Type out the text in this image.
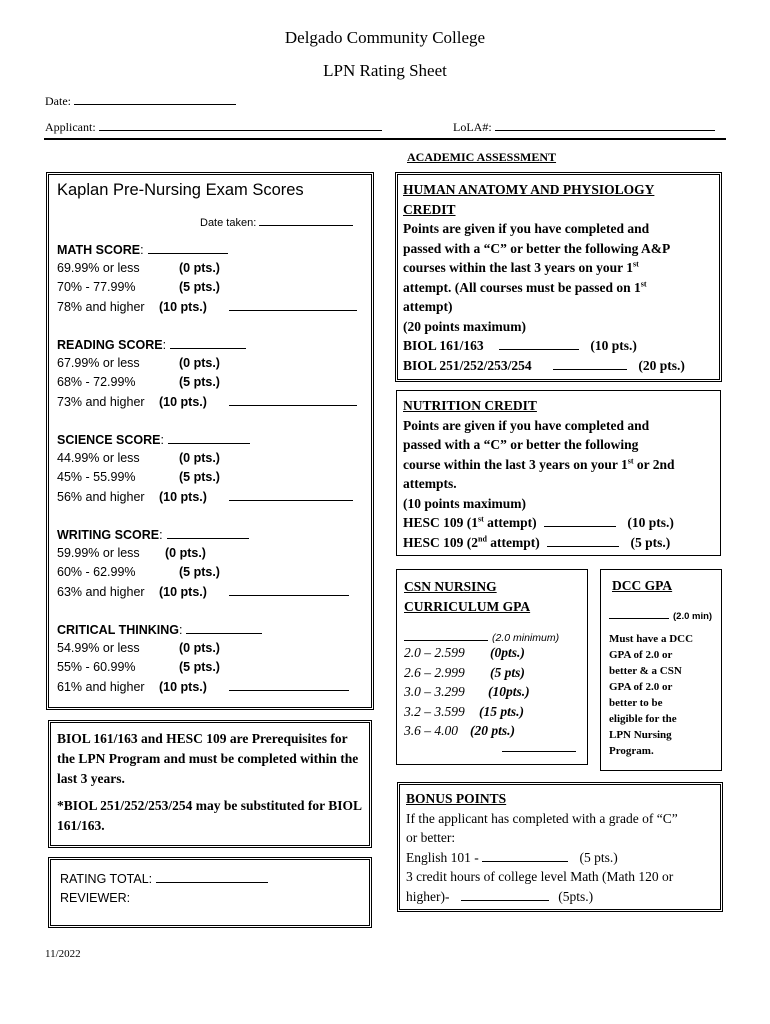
Delgado Community College
LPN Rating Sheet
Date:
Applicant:	LoLA#:
ACADEMIC ASSESSMENT
Kaplan Pre-Nursing Exam Scores
Date taken:
MATH SCORE:
69.99% or less	(0 pts.)
70% - 77.99%	(5 pts.)
78% and higher (10 pts.)
READING SCORE:
67.99% or less	(0 pts.)
68% - 72.99%	(5 pts.)
73% and higher (10 pts.)
SCIENCE SCORE:
44.99% or less	(0 pts.)
45% - 55.99%	(5 pts.)
56% and higher (10 pts.)
WRITING SCORE:
59.99% or less (0 pts.)
60% - 62.99%	(5 pts.)
63% and higher (10 pts.)
CRITICAL THINKING:
54.99% or less	(0 pts.)
55% - 60.99%	(5 pts.)
61% and higher (10 pts.)
BIOL 161/163 and HESC 109 are Prerequisites for the LPN Program and must be completed within the last 3 years.
*BIOL 251/252/253/254 may be substituted for BIOL 161/163.
RATING TOTAL:
REVIEWER:
11/2022
HUMAN ANATOMY AND PHYSIOLOGY
CREDIT
Points are given if you have completed and
passed with a “C” or better the following A&P
courses within the last 3 years on your 1st
attempt. (All courses must be passed on 1st
attempt)
(20 points maximum)
BIOL 161/163	(10 pts.)
BIOL 251/252/253/254	(20 pts.)
NUTRITION CREDIT
Points are given if you have completed and
passed with a “C” or better the following
course within the last 3 years on your 1st or 2nd
attempts.
(10 points maximum)
HESC 109 (1st attempt)	(10 pts.)
HESC 109 (2nd attempt)	(5 pts.)
CSN NURSING
CURRICULUM GPA
(2.0 minimum)
2.0 – 2.599 (0pts.)
2.6 – 2.999 (5 pts)
3.0 – 3.299 (10pts.)
3.2 – 3.599 (15 pts.)
3.6 – 4.00 (20 pts.)
DCC GPA
(2.0 min)
Must have a DCC
GPA of 2.0 or
better & a CSN
GPA of 2.0 or
better to be
eligible for the
LPN Nursing
Program.
BONUS POINTS
If the applicant has completed with a grade of “C”
or better:
English 101 -	(5 pts.)
3 credit hours of college level Math (Math 120 or
higher)-	(5pts.)
